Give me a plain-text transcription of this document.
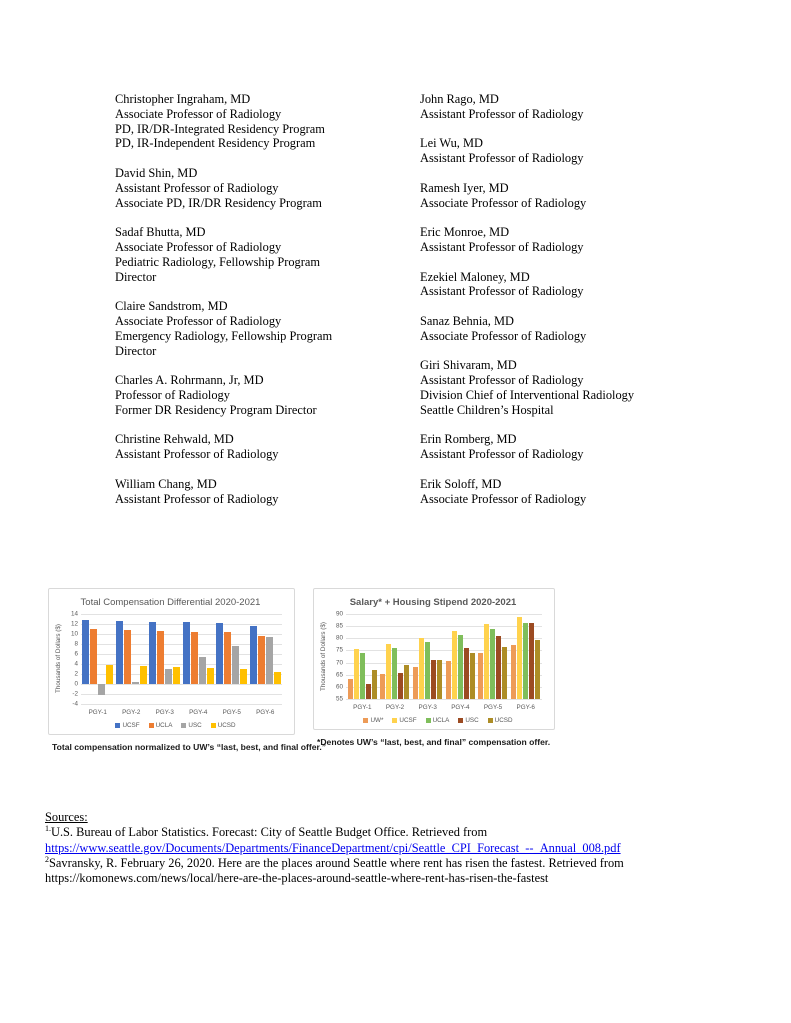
Christopher Ingraham, MD
Associate Professor of Radiology
PD, IR/DR-Integrated Residency Program
PD, IR-Independent Residency Program

David Shin, MD
Assistant Professor of Radiology
Associate PD, IR/DR Residency Program

Sadaf Bhutta, MD
Associate Professor of Radiology
Pediatric Radiology, Fellowship Program
Director

Claire Sandstrom, MD
Associate Professor of Radiology
Emergency Radiology, Fellowship Program
Director

Charles A. Rohrmann, Jr, MD
Professor of Radiology
Former DR Residency Program Director

Christine Rehwald, MD
Assistant Professor of Radiology

William Chang, MD
Assistant Professor of Radiology

John Rago, MD
Assistant Professor of Radiology

Lei Wu, MD
Assistant Professor of Radiology

Ramesh Iyer, MD
Associate Professor of Radiology

Eric Monroe, MD
Assistant Professor of Radiology

Ezekiel Maloney, MD
Assistant Professor of Radiology

Sanaz Behnia, MD
Associate Professor of Radiology

Giri Shivaram, MD
Assistant Professor of Radiology
Division Chief of Interventional Radiology
Seattle Children’s Hospital

Erin Romberg, MD
Assistant Professor of Radiology

Erik Soloff, MD
Associate Professor of Radiology

Total Compensation Differential 2020-2021
Thousands of Dollars ($)
-4
-2
0
2
4
6
8
10
12
14
PGY-1	PGY-2	PGY-3	PGY-4	PGY-5	PGY-6
UCSF	UCLA	USC	UCSD
Total compensation normalized to UW’s “last, best, and final offer.”
Salary* + Housing Stipend 2020-2021
Thousands of Dollars ($)
55
60
65
70
75
80
85
90
PGY-1	PGY-2	PGY-3	PGY-4	PGY-5	PGY-6
UW*	UCSF	UCLA	USC	UCSD
*Denotes UW’s “last, best, and final” compensation offer.
Sources:
$^{1.}$U.S. Bureau of Labor Statistics. Forecast: City of Seattle Budget Office. Retrieved from
https://www.seattle.gov/Documents/Departments/FinanceDepartment/cpi/Seattle_CPI_Forecast_--_Annual_008.pdf
$^2$Savransky, R. February 26, 2020. Here are the places around Seattle where rent has risen the fastest. Retrieved from
https://komonews.com/news/local/here-are-the-places-around-seattle-where-rent-has-risen-the-fastest
